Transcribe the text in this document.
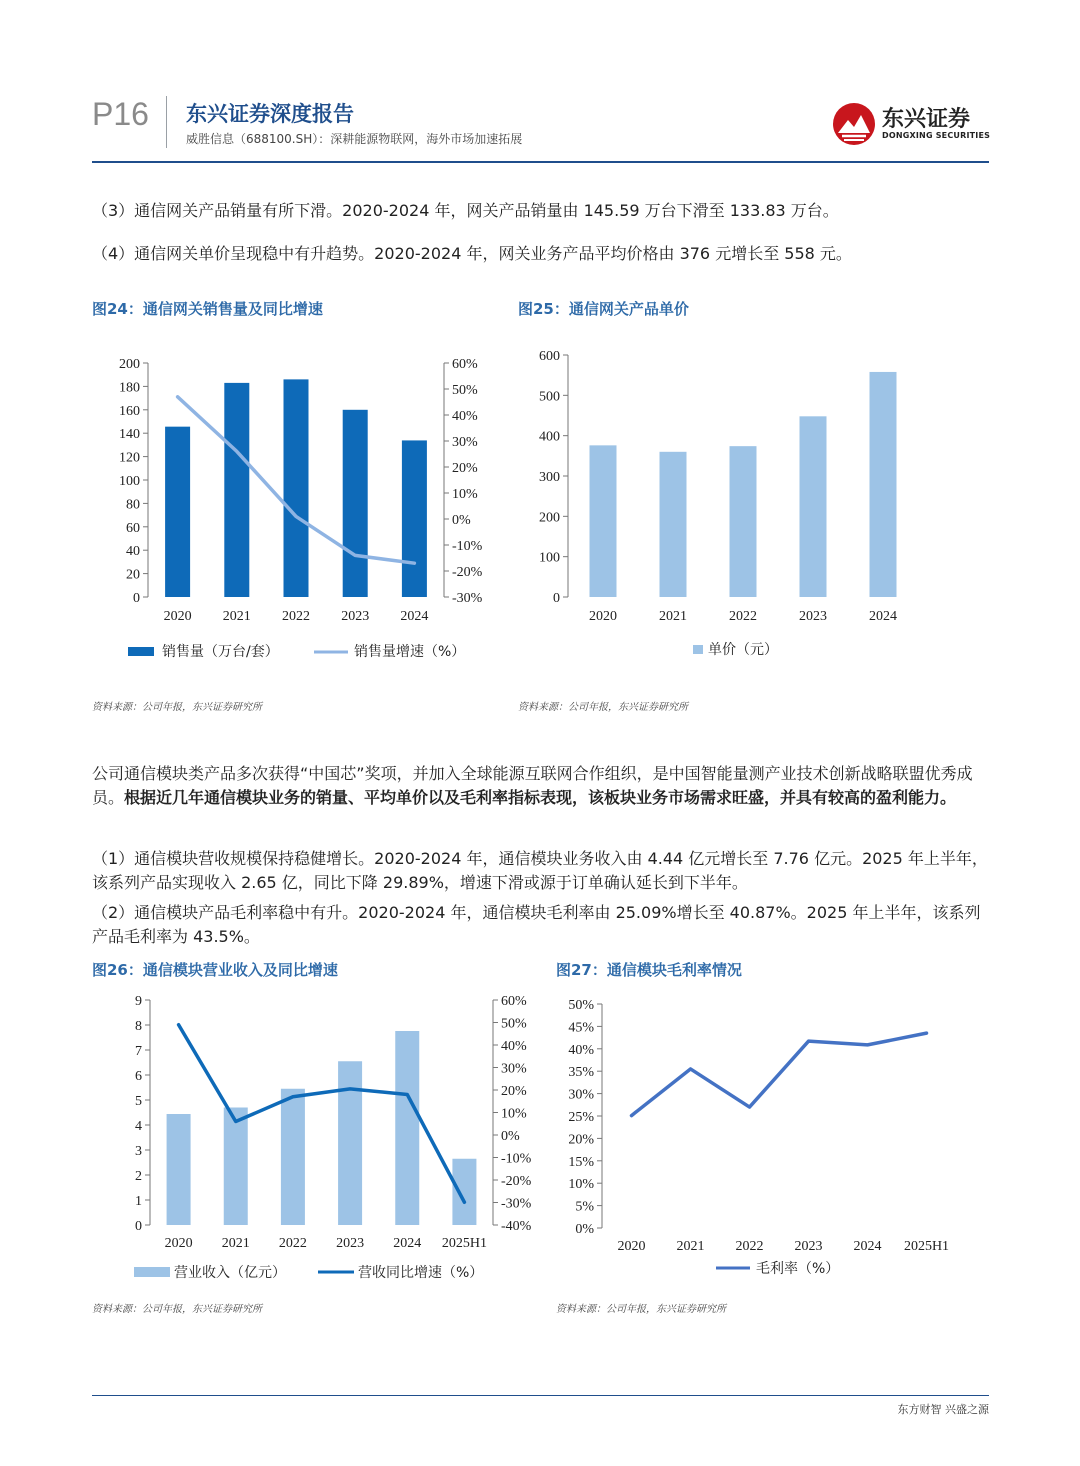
P16 东兴证券深度报告
威胜信息（688100.SH）：深耕能源物联网，海外市场加速拓展
东兴证券
DONGXING SECURITIES
（3）通信网关产品销量有所下滑。2020-2024 年，网关产品销量由 145.59 万台下滑至 133.83 万台。
（4）通信网关单价呈现稳中有升趋势。2020-2024 年，网关业务产品平均价格由 376 元增长至 558 元。
图24：通信网关销售量及同比增速	图25：通信网关产品单价
0
20
40
60
80
100
120
140
160
180
200
-30%
-20%
-10%
0%
10%
20%
30%
40%
50%
60%
2020 2021 2022 2023 2024
销售量（万台/套）	销售量增速（%）
0
100
200
300
400
500
600
2020	2021	2022	2023	2024
单价（元）
资料来源：公司年报，东兴证券研究所	资料来源：公司年报，东兴证券研究所
公司通信模块类产品多次获得“中国芯”奖项，并加入全球能源互联网合作组织，是中国智能量测产业技术创新战略联盟优秀成员。根据近几年通信模块业务的销量、平均单价以及毛利率指标表现，该板块业务市场需求旺盛，并具有较高的盈利能力。
（1）通信模块营收规模保持稳健增长。2020-2024 年，通信模块业务收入由 4.44 亿元增长至 7.76 亿元。2025 年上半年，该系列产品实现收入 2.65 亿，同比下降 29.89%，增速下滑或源于订单确认延长到下半年。
（2）通信模块产品毛利率稳中有升。2020-2024 年，通信模块毛利率由 25.09%增长至 40.87%。2025 年上半年，该系列产品毛利率为 43.5%。
图26：通信模块营业收入及同比增速	图27：通信模块毛利率情况
0
1
2
3
4
5
6
7
8
9
-40%
-30%
-20%
-10%
0%
10%
20%
30%
40%
50%
60%
2020 2021 2022 2023 2024 2025H1
营业收入（亿元）	营收同比增速（%）
0%
5%
10%
15%
20%
25%
30%
35%
40%
45%
50%
2020 2021 2022 2023 2024 2025H1
毛利率（%）
资料来源：公司年报，东兴证券研究所	资料来源：公司年报，东兴证券研究所
东方财智 兴盛之源
